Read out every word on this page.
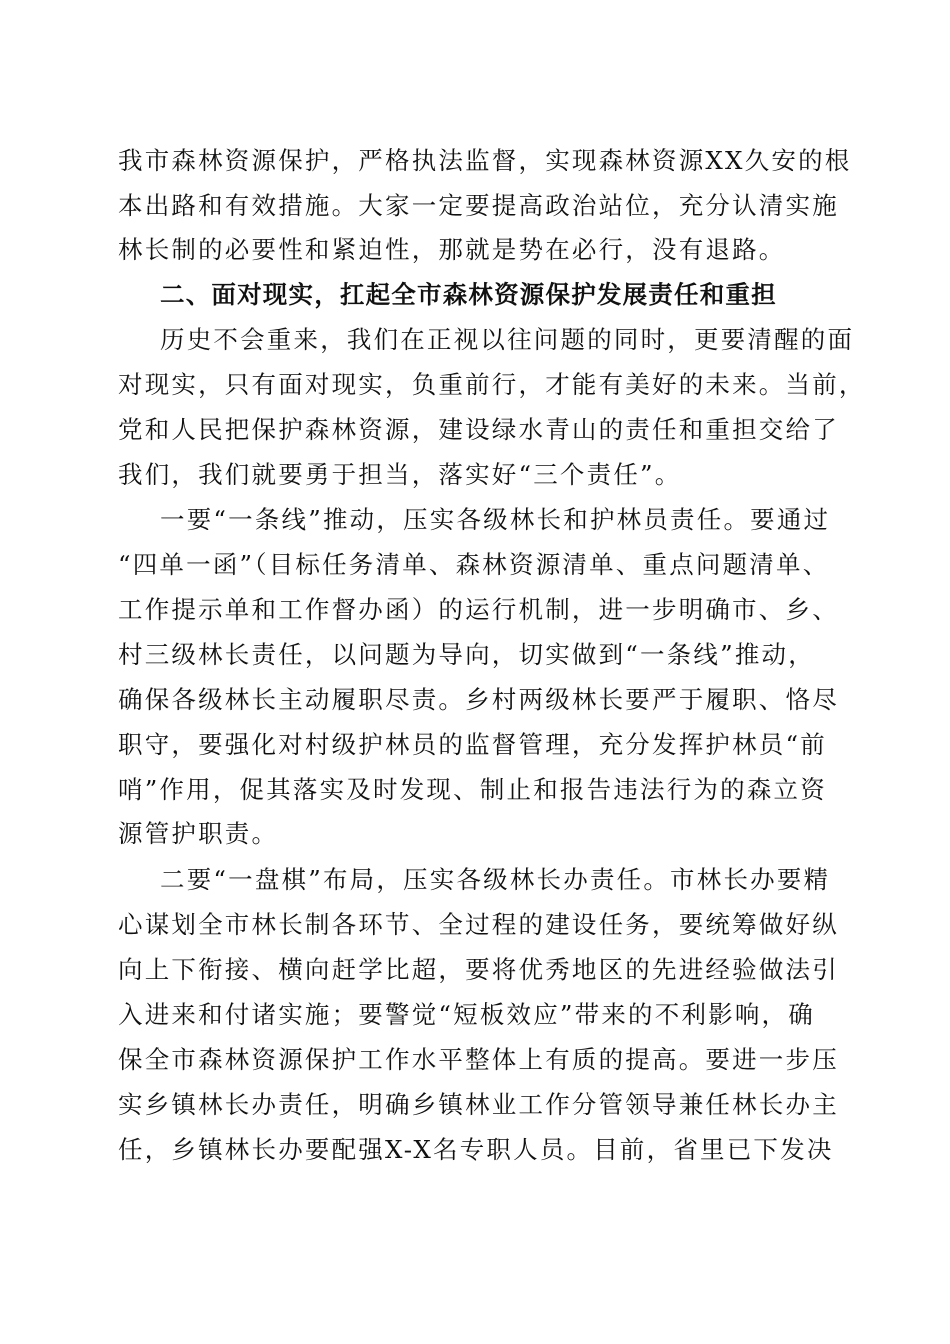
我市森林资源保护，严格执法监督，实现森林资源XX久安的根
本出路和有效措施。大家一定要提高政治站位，充分认清实施
林长制的必要性和紧迫性，那就是势在必行，没有退路。
二、面对现实，扛起全市森林资源保护发展责任和重担
历史不会重来，我们在正视以往问题的同时，更要清醒的面
对现实，只有面对现实，负重前行，才能有美好的未来。当前，
党和人民把保护森林资源，建设绿水青山的责任和重担交给了
我们，我们就要勇于担当，落实好“三个责任”。
一要“一条线”推动，压实各级林长和护林员责任。要通过
“四单一函”（目标任务清单、森林资源清单、重点问题清单、
工作提示单和工作督办函）的运行机制，进一步明确市、乡、
村三级林长责任，以问题为导向，切实做到“一条线”推动，
确保各级林长主动履职尽责。乡村两级林长要严于履职、恪尽
职守，要强化对村级护林员的监督管理，充分发挥护林员“前
哨”作用，促其落实及时发现、制止和报告违法行为的森立资
源管护职责。
二要“一盘棋”布局，压实各级林长办责任。市林长办要精
心谋划全市林长制各环节、全过程的建设任务，要统筹做好纵
向上下衔接、横向赶学比超，要将优秀地区的先进经验做法引
入进来和付诸实施；要警觉“短板效应”带来的不利影响，确
保全市森林资源保护工作水平整体上有质的提高。要进一步压
实乡镇林长办责任，明确乡镇林业工作分管领导兼任林长办主
任，乡镇林长办要配强X-X名专职人员。目前，省里已下发决
